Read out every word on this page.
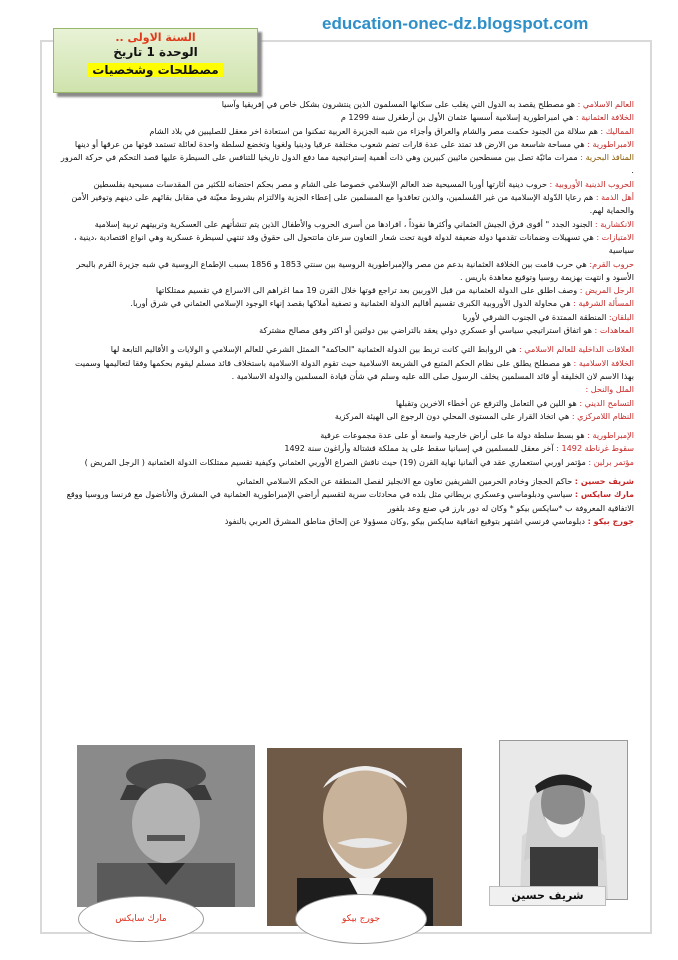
education-onec-dz.blogspot.com
السنة الاولى ..
الوحدة 1 تاريخ
مصطلحات وشخصيات

العالم الاسلامي : هو مصطلح يقصد به الدول التي يغلب على سكانها المسلمون الذين ينتشرون بشكل خاص في إفريقيا وآسيا

الخلافة العثمانية : هي امبراطورية إسلامية أسسها عثمان الأول بن أرطغرل سنة 1299 م

المماليك : هم سلالة من الجنود حكمت مصر والشام والعراق وأجزاء من شبه الجزيرة العربية تمكنوا من استعادة اخر معقل للصليبين في بلاد الشام

الامبراطورية : هي مساحة شاسعة من الارض قد تمتد على عدة قارات تضم شعوب مختلفة عرقيا ودينيا ولغويا وتخضع لسلطة واحدة لعائلة تستمد قوتها من عرقها أو دينها

المنافذ البحرية : ممرات مائيّة تصل بين مسطحين مائيين كبيرين وهي ذات أهمية إستراتيجية مما دفع الدول تاريخيا للتنافس على السيطرة عليها قصد التحكم في حركة المرور .

الحروب الدينية الأوروبية : حروب دينية أثارتها أوربا المسيحية ضد العالم الإسلامي خصوصا على الشام و مصر بحكم احتضانه للكثير من المقدسات مسيحية بفلسطين

أهل الذمة : هم رعايا الدّولة الإسلامية من غير المُسلمين، والذين تعاقدوا مع المسلمين على إعطاء الجزية والالتزام بشروط معيّنة في مقابل بقائهم على دينهم وتوفير الأمن والحماية لهم.

الانكشارية : الجنود الجدد " أقوى فرق الجيش العثماني وأكثرها نفوذاً ، افرادها من أسرى الحروب والأطفال الذين يتم تنشأتهم على العسكرية وتربيتهم تربية إسلامية

الامتيازات : هي تسهيلات وضمانات تقدمها دولة ضعيفة لدولة قوية تحت شعار التعاون سرعان ماتتحول الى حقوق وقد تنتهي لسيطرة عسكرية وهي انواع اقتصادية ،دينية ، سياسية

حروب القرم: هي حرب قامت بين الخلافة العثمانية بدعم من مصر والإمبراطورية الروسية بين سنتي 1853 و 1856 بسبب الإطماع الروسية في شبه جزيرة القرم بالبحر الأسود و انتهت بهزيمة روسيا وتوقيع معاهدة باريس .

الرجل المريض : وصف اطلق على الدولة العثمانية من قبل الاوربين بعد تراجع قوتها خلال القرن 19 مما اغراهم الى الاسراع في تقسيم ممتلكاتها

المسألة الشرقية : هي محاولة الدول الأوروبية الكبرى تقسيم أقاليم الدولة العثمانية و تصفية أملاكها بقصد إنهاء الوجود الإسلامي العثماني في شرق أوربا.

البلقان: المنطقة الممتدة في الجنوب الشرقي لأوربا

المعاهدات : هو اتفاق استراتيجي سياسي أو عسكري دولي يعقد بالتراضي بين دولتين أو اكثر وفق مصالح مشتركة

العلاقات الداخلية للعالم الاسلامي : هي الروابط التي كانت تربط بين الدولة العثمانية "الحاكمة" الممثل الشرعي للعالم الإسلامي و الولايات و الأقاليم التابعة لها

الخلافة الاسلامية : هو مصطلح يطلق على نظام الحكم المتبع في الشريعة الاسلامية حيث تقوم الدولة الاسلامية باستخلاف قائد مسلم ليقوم بحكمها وفقا لتعاليمها وسميت بهذا الاسم لان الخليفة أو قائد المسلمين يخلف الرسول صلى الله عليه وسلم في شأن قيادة المسلمين والدولة الاسلامية .

الملل والنحل :

التسامح الديني : هو اللين في التعامل والترفع عن أخطاء الاخرين وتقبلها

النظام اللامركزي : هي اتخاذ القرار على المستوى المحلي دون الرجوع الى الهيئة المركزية

الإمبراطورية : هو بسط سلطة دولة ما على أراض خارجية واسعة أو على عدة مجموعات عرقية

سقوط غرناطة 1492 : آخر معقل للمسلمين في إسبانيا سقط على يد مملكة قشتالة وأراغون سنة 1492

مؤتمر برلين : مؤتمر اوربي استعماري عقد في ألمانيا نهاية القرن (19) حيث ناقش الصراع الأوربي العثماني وكيفية تقسيم ممتلكات الدولة العثمانية ( الرجل المريض )

شريف حسين : حاكم الحجاز وخادم الحرمين الشريفين تعاون مع الانجليز لفصل المنطقة عن الحكم الاسلامي العثماني

مارك سايكس : سياسي ودبلوماسي وعسكري بريطاني مثل بلده في محادثات سرية لتقسيم أراضي الإمبراطورية العثمانية في المشرق والأناضول مع فرنسا وروسيا ووقع الاتفاقية المعروفة ب *سايكس بيكو * وكان له دور بارز في صنع وعد بلفور

جورج بيكو : دبلوماسي فرنسي اشتهر بتوقيع اتفاقية سايكس بيكو ,وكان مسؤولا عن إلحاق مناطق المشرق العربي بالنفوذ

شريف حسين
جورج بيكو
مارك سايكس
